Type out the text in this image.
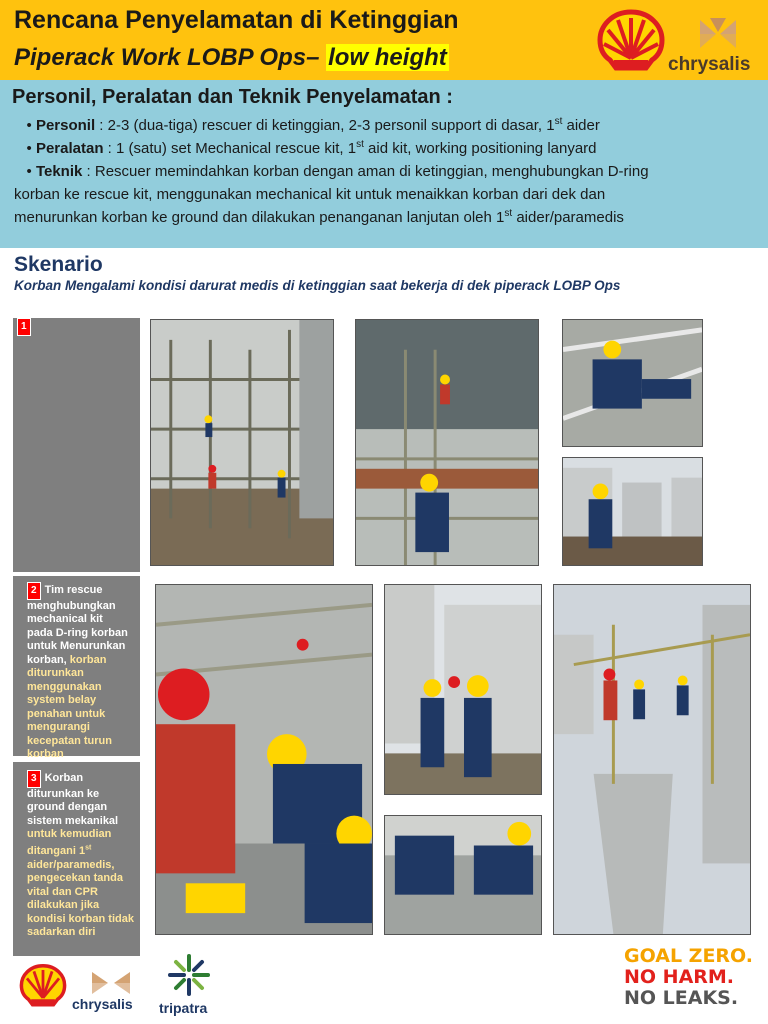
Rencana Penyelamatan di Ketinggian
Piperack Work LOBP Ops– low height	chrysalis
Personil, Peralatan dan Teknik Penyelamatan :
• Personil : 2-3 (dua-tiga) rescuer di ketinggian, 2-3 personil support di dasar, 1st aider
• Peralatan : 1 (satu) set Mechanical rescue kit, 1st aid kit, working positioning lanyard
• Teknik : Rescuer memindahkan korban dengan aman di ketinggian, menghubungkan D-ring
korban ke rescue kit, menggunakan mechanical kit untuk menaikkan korban dari dek dan
menurunkan korban ke ground dan dilakukan penanganan lanjutan oleh 1st aider/paramedis
Skenario
Korban Mengalami kondisi darurat medis di ketinggian saat bekerja di dek piperack LOBP Ops
1
2 Tim rescue menghubungkan mechanical kit pada D-ring korban untuk Menurunkan korban, korban diturunkan menggunakan system belay penahan untuk mengurangi kecepatan turun korban
3 Korban diturunkan ke ground dengan sistem mekanikal untuk kemudian ditangani 1st aider/paramedis, pengecekan tanda vital dan CPR dilakukan jika kondisi korban tidak sadarkan diri
chrysalis tripatra
GOAL ZERO.
NO HARM.
NO LEAKS.
